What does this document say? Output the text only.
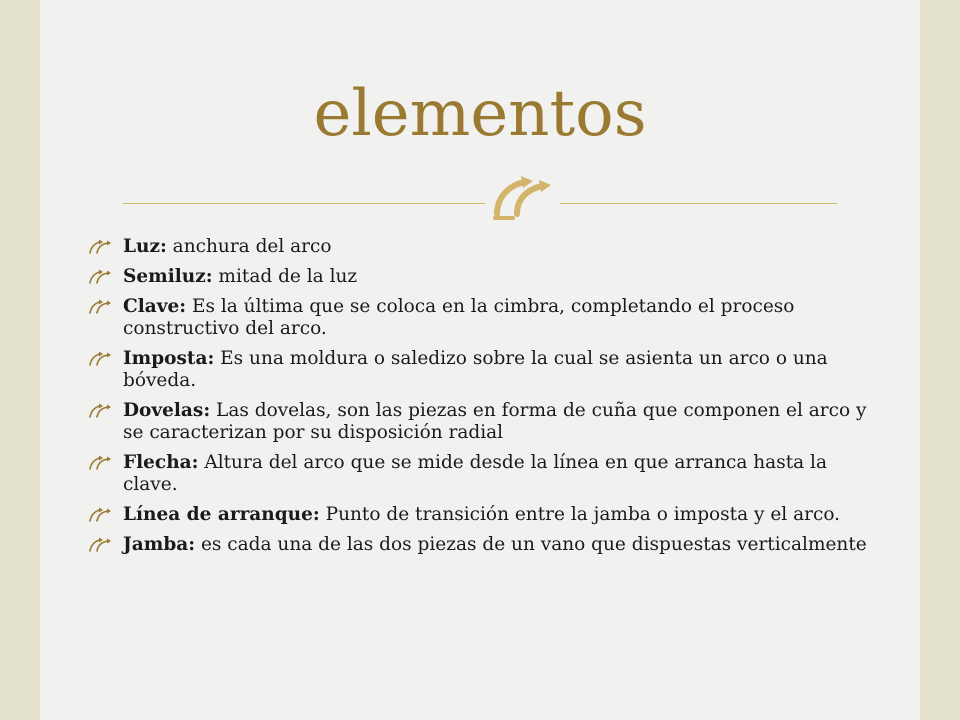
elementos
Luz: anchura del arco
Semiluz: mitad de la luz
Clave: Es la última que se coloca en la cimbra, completando el proceso constructivo del arco.
Imposta: Es una moldura o saledizo sobre la cual se asienta un arco o una bóveda.
Dovelas: Las dovelas, son las piezas en forma de cuña que componen el arco y se caracterizan por su disposición radial
Flecha: Altura del arco que se mide desde la línea en que arranca hasta la clave.
Línea de arranque: Punto de transición entre la jamba o imposta y el arco.
Jamba: es cada una de las dos piezas de un vano que dispuestas verticalmente
